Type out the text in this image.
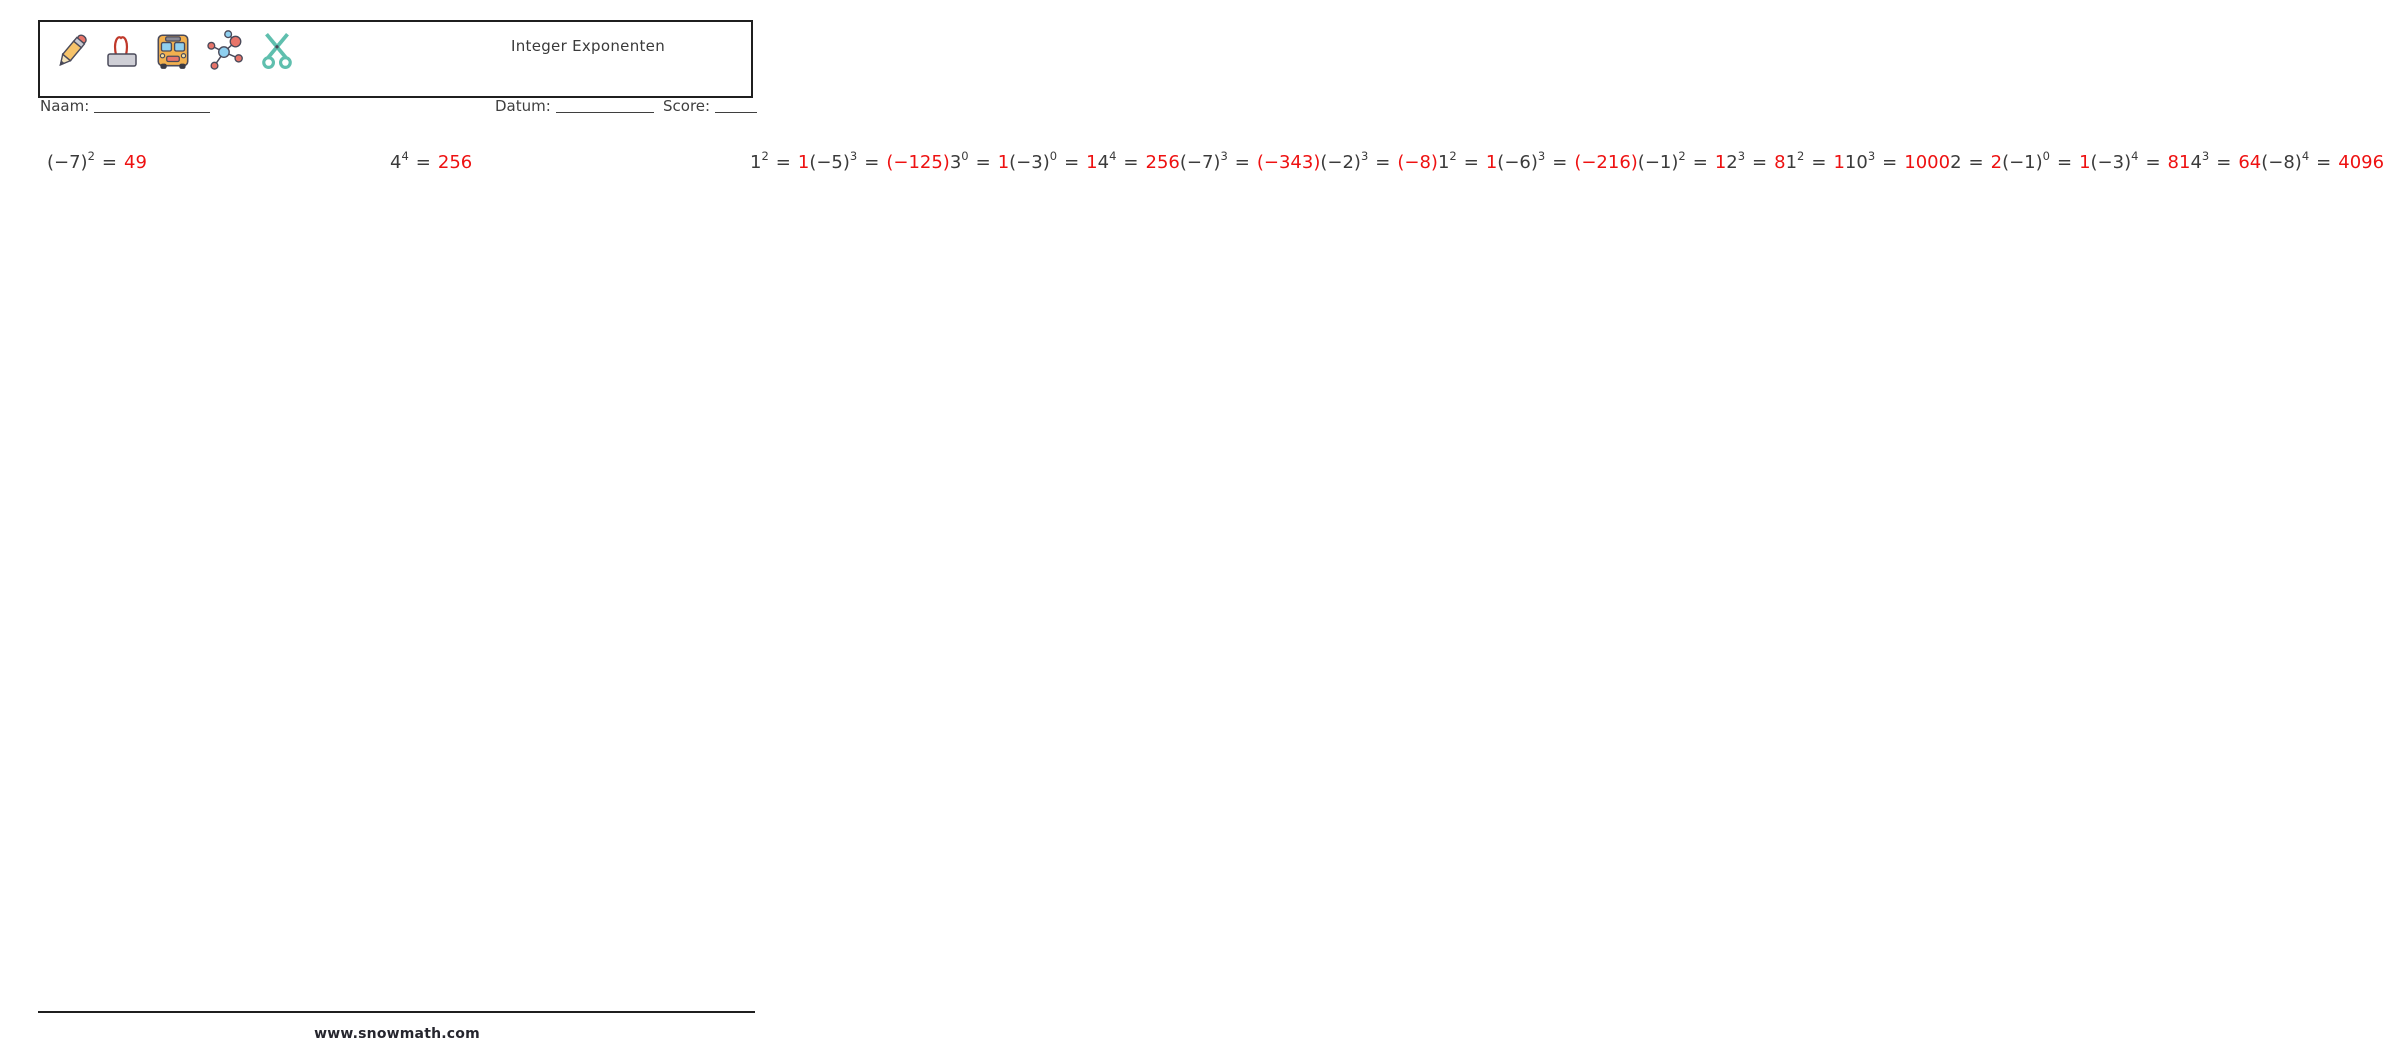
Integer Exponenten
Naam:	Datum:	Score:
$(-7)^2 = 49$	$4^4 = 256$	$1^2 = 1$ $(-5)^3 = (-125) 3^0 = 1$ $(-3)^0 = 1$ $4^4 = 256$ $(-7)^3 = (-343) (-2)^3 = (-8) 1^2 = 1$ $(-6)^3 = (-216) (-1)^2 = 1$ $2^3 = 8$ $1^2 = 1$ $10^3 = 1000$ 2 = 2 $(-1)^0 = 1$ $(-3)^4 = 81$ $4^3 = 64$ $(-8)^4 = 4096$
www.snowmath.com
